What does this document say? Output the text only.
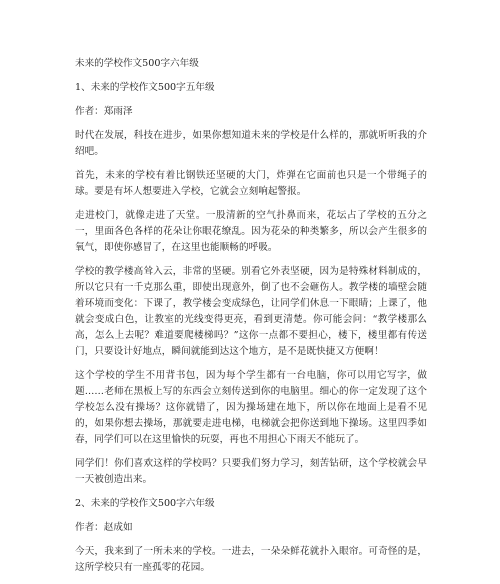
未来的学校作文500字六年级
1、未来的学校作文500字五年级
作者：郑雨泽

时代在发展，科技在进步，如果你想知道未来的学校是什么样的，那就听听我的介绍吧。

首先，未来的学校有着比钢铁还坚硬的大门，炸弹在它面前也只是一个带绳子的球。要是有坏人想要进入学校，它就会立刻响起警报。

走进校门，就像走进了天堂。一股清新的空气扑鼻而来，花坛占了学校的五分之一，里面各色各样的花朵让你眼花缭乱。因为花朵的种类繁多，所以会产生很多的氧气，即使你感冒了，在这里也能顺畅的呼吸。

学校的教学楼高耸入云，非常的坚硬。别看它外表坚硬，因为是特殊材料制成的，所以它只有一千克那么重，即使出现意外，倒了也不会砸伤人。教学楼的墙壁会随着环境而变化：下课了，教学楼会变成绿色，让同学们休息一下眼睛；上课了，他就会变成白色，让教室的光线变得更亮，看到更清楚。你可能会问：“教学楼那么高，怎么上去呢？难道要爬楼梯吗？”这你一点都不要担心，楼下，楼里都有传送门，只要设计好地点，瞬间就能到达这个地方，是不是既快捷又方便啊！

这个学校的学生不用背书包，因为每个学生都有一台电脑，你可以用它写字，做题……老师在黑板上写的东西会立刻传送到你的电脑里。细心的你一定发现了这个学校怎么没有操场？这你就错了，因为操场建在地下，所以你在地面上是看不见的，如果你想去操场，那就要走进电梯，电梯就会把你送到地下操场。这里四季如春，同学们可以在这里愉快的玩耍，再也不用担心下雨天不能玩了。

同学们！你们喜欢这样的学校吗？只要我们努力学习，刻苦钻研，这个学校就会早一天被创造出来。

2、未来的学校作文500字六年级
作者：赵成如

今天，我来到了一所未来的学校。一进去，一朵朵鲜花就扑入眼帘。可奇怪的是，这所学校只有一座孤零的花园。
